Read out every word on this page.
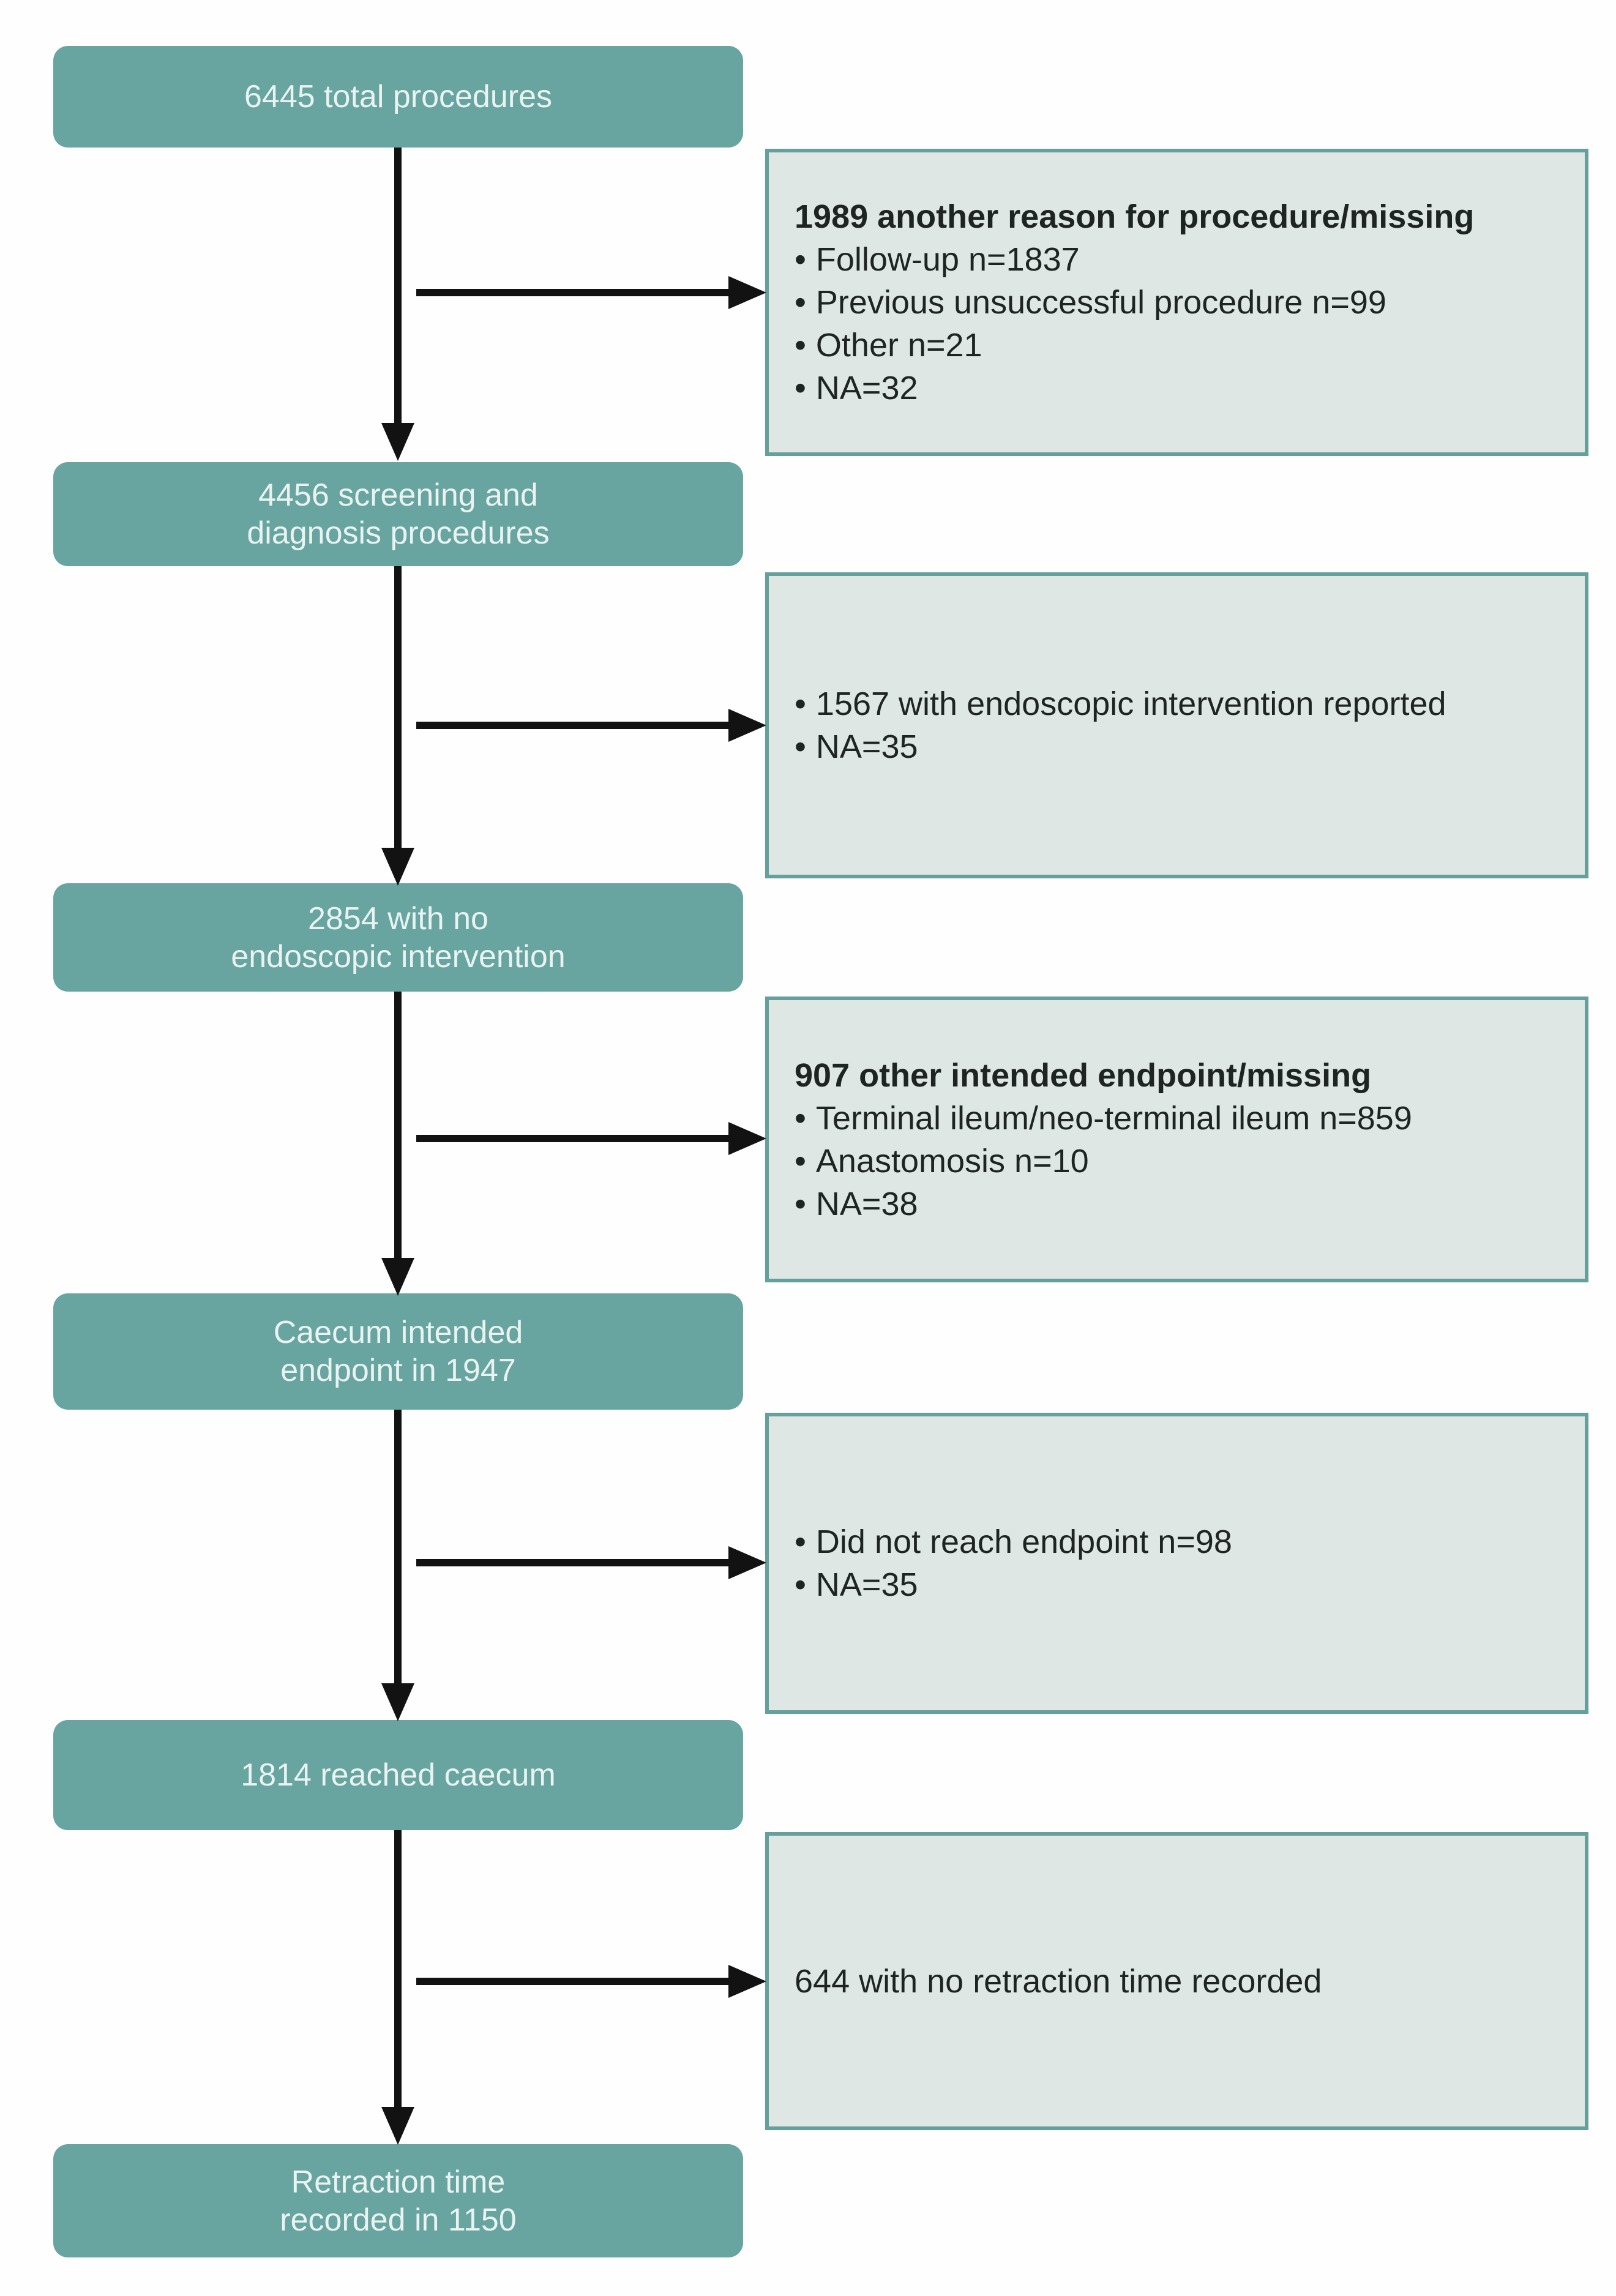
6445 total procedures
4456 screening and
diagnosis procedures
2854 with no
endoscopic intervention
Caecum intended
endpoint in 1947
1814 reached caecum
Retraction time
recorded in 1150
1989 another reason for procedure/missing
• Follow-up n=1837
• Previous unsuccessful procedure n=99
• Other n=21
• NA=32
• 1567 with endoscopic intervention reported
• NA=35
907 other intended endpoint/missing
• Terminal ileum/neo-terminal ileum n=859
• Anastomosis n=10
• NA=38
• Did not reach endpoint n=98
• NA=35
644 with no retraction time recorded
